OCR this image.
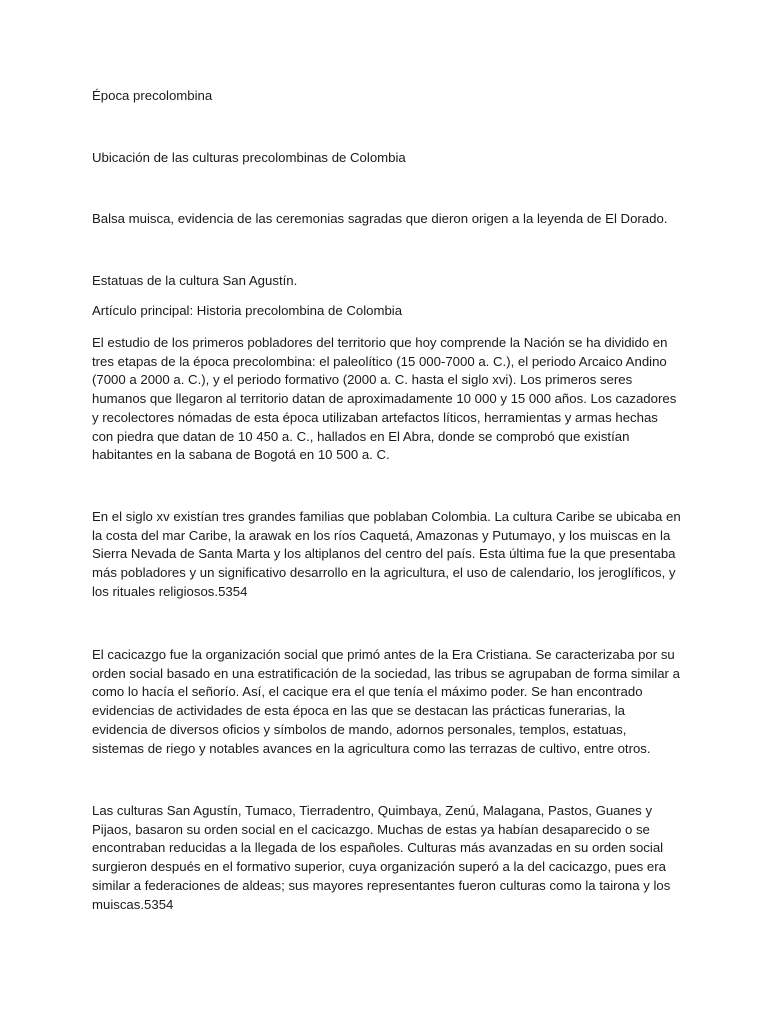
Época precolombina

Ubicación de las culturas precolombinas de Colombia

Balsa muisca, evidencia de las ceremonias sagradas que dieron origen a la leyenda de El Dorado.

Estatuas de la cultura San Agustín.

Artículo principal: Historia precolombina de Colombia

El estudio de los primeros pobladores del territorio que hoy comprende la Nación se ha dividido en tres etapas de la época precolombina: el paleolítico (15 000-7000 a. C.), el periodo Arcaico Andino (7000 a 2000 a. C.), y el periodo formativo (2000 a. C. hasta el siglo xvi). Los primeros seres humanos que llegaron al territorio datan de aproximadamente 10 000 y 15 000 años. Los cazadores y recolectores nómadas de esta época utilizaban artefactos líticos, herramientas y armas hechas con piedra que datan de 10 450 a. C., hallados en El Abra, donde se comprobó que existían habitantes en la sabana de Bogotá en 10 500 a. C.

En el siglo xv existían tres grandes familias que poblaban Colombia. La cultura Caribe se ubicaba en la costa del mar Caribe, la arawak en los ríos Caquetá, Amazonas y Putumayo, y los muiscas en la Sierra Nevada de Santa Marta y los altiplanos del centro del país. Esta última fue la que presentaba más pobladores y un significativo desarrollo en la agricultura, el uso de calendario, los jeroglíficos, y los rituales religiosos.5354

El cacicazgo fue la organización social que primó antes de la Era Cristiana. Se caracterizaba por su orden social basado en una estratificación de la sociedad, las tribus se agrupaban de forma similar a como lo hacía el señorío. Así, el cacique era el que tenía el máximo poder. Se han encontrado evidencias de actividades de esta época en las que se destacan las prácticas funerarias, la evidencia de diversos oficios y símbolos de mando, adornos personales, templos, estatuas, sistemas de riego y notables avances en la agricultura como las terrazas de cultivo, entre otros.

Las culturas San Agustín, Tumaco, Tierradentro, Quimbaya, Zenú, Malagana, Pastos, Guanes y Pijaos, basaron su orden social en el cacicazgo. Muchas de estas ya habían desaparecido o se encontraban reducidas a la llegada de los españoles. Culturas más avanzadas en su orden social surgieron después en el formativo superior, cuya organización superó a la del cacicazgo, pues era similar a federaciones de aldeas; sus mayores representantes fueron culturas como la tairona y los muiscas.5354
